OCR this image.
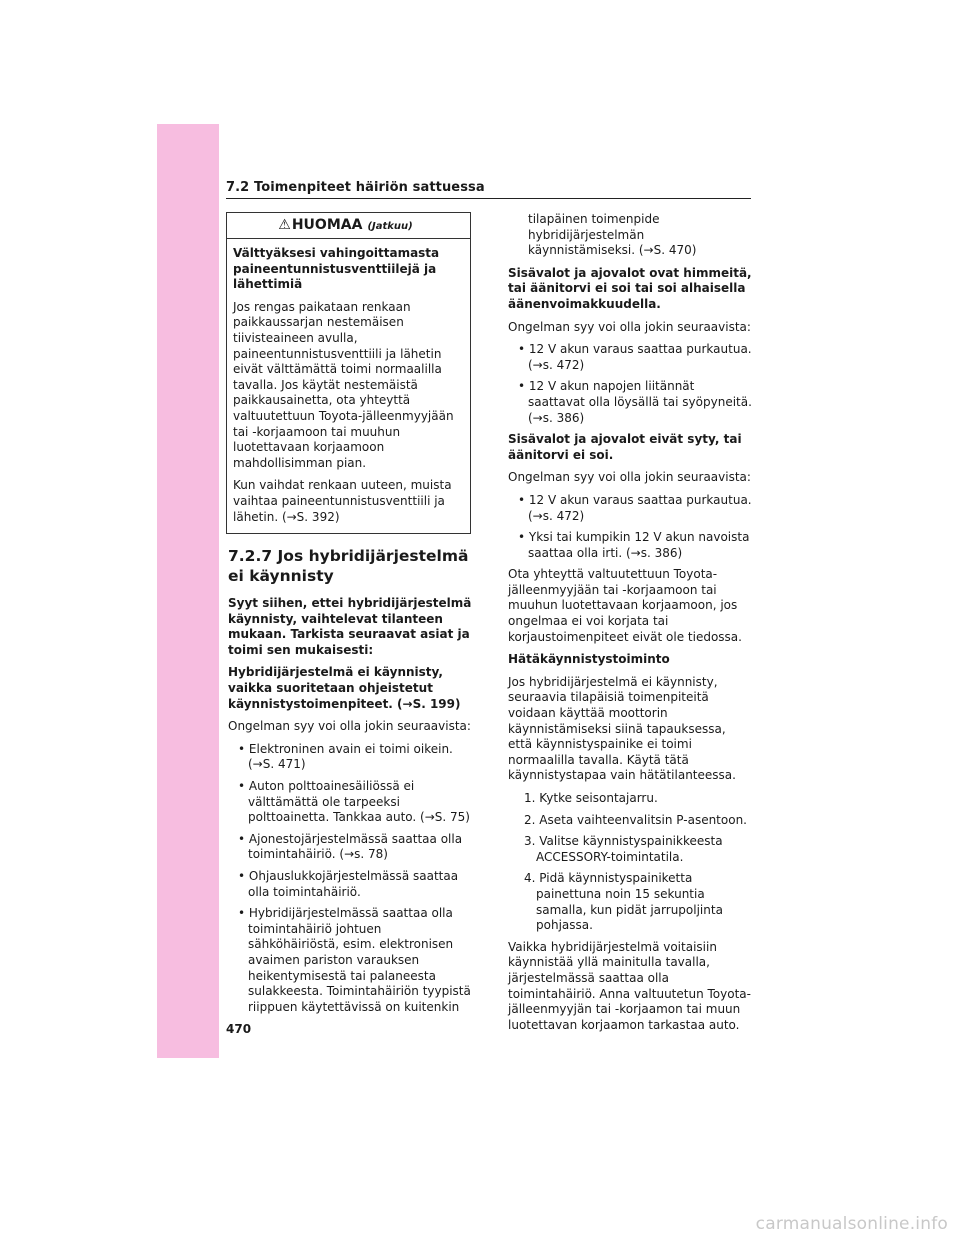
7.2 Toimenpiteet häiriön sattuessa
⚠HUOMAA (Jatkuu)

Välttyäksesi vahingoittamasta paineentunnistusventtiilejä ja lähettimiä

Jos rengas paikataan renkaan paikkaussarjan nestemäisen tiivisteaineen avulla, paineentunnistusventtiili ja lähetin eivät välttämättä toimi normaalilla tavalla. Jos käytät nestemäistä paikkausainetta, ota yhteyttä valtuutettuun Toyota-jälleenmyyjään tai -korjaamoon tai muuhun luotettavaan korjaamoon mahdollisimman pian.

Kun vaihdat renkaan uuteen, muista vaihtaa paineentunnistusventtiili ja lähetin. (→S. 392)

7.2.7 Jos hybridijärjestelmä ei käynnisty

Syyt siihen, ettei hybridijärjestelmä käynnisty, vaihtelevat tilanteen mukaan. Tarkista seuraavat asiat ja toimi sen mukaisesti:

Hybridijärjestelmä ei käynnisty, vaikka suoritetaan ohjeistetut käynnistystoimenpiteet. (→S. 199)

Ongelman syy voi olla jokin seuraavista:

• Elektroninen avain ei toimi oikein. (→S. 471)
• Auton polttoainesäiliössä ei välttämättä ole tarpeeksi polttoainetta. Tankkaa auto. (→S. 75)
• Ajonestojärjestelmässä saattaa olla toimintahäiriö. (→s. 78)
• Ohjauslukkojärjestelmässä saattaa olla toimintahäiriö.
• Hybridijärjestelmässä saattaa olla toimintahäiriö johtuen sähköhäiriöstä, esim. elektronisen avaimen pariston varauksen heikentymisestä tai palaneesta sulakkeesta. Toimintahäiriön tyypistä riippuen käytettävissä on kuitenkin

tilapäinen toimenpide hybridijärjestelmän käynnistämiseksi. (→S. 470)

Sisävalot ja ajovalot ovat himmeitä, tai äänitorvi ei soi tai soi alhaisella äänenvoimakkuudella.

Ongelman syy voi olla jokin seuraavista:

• 12 V akun varaus saattaa purkautua. (→s. 472)
• 12 V akun napojen liitännät saattavat olla löysällä tai syöpyneitä. (→s. 386)

Sisävalot ja ajovalot eivät syty, tai äänitorvi ei soi.

Ongelman syy voi olla jokin seuraavista:

• 12 V akun varaus saattaa purkautua. (→s. 472)
• Yksi tai kumpikin 12 V akun navoista saattaa olla irti. (→s. 386)

Ota yhteyttä valtuutettuun Toyota-jälleenmyyjään tai -korjaamoon tai muuhun luotettavaan korjaamoon, jos ongelmaa ei voi korjata tai korjaustoimenpiteet eivät ole tiedossa.

Hätäkäynnistystoiminto

Jos hybridijärjestelmä ei käynnisty, seuraavia tilapäisiä toimenpiteitä voidaan käyttää moottorin käynnistämiseksi siinä tapauksessa, että käynnistyspainike ei toimi normaalilla tavalla. Käytä tätä käynnistystapaa vain hätätilanteessa.

1. Kytke seisontajarru.
2. Aseta vaihteenvalitsin P-asentoon.
3. Valitse käynnistyspainikkeesta ACCESSORY-toimintatila.
4. Pidä käynnistyspainiketta painettuna noin 15 sekuntia samalla, kun pidät jarrupoljinta pohjassa.

Vaikka hybridijärjestelmä voitaisiin käynnistää yllä mainitulla tavalla, järjestelmässä saattaa olla toimintahäiriö. Anna valtuutetun Toyota-jälleenmyyjän tai -korjaamon tai muun luotettavan korjaamon tarkastaa auto.

470
carmanualsonline.info
